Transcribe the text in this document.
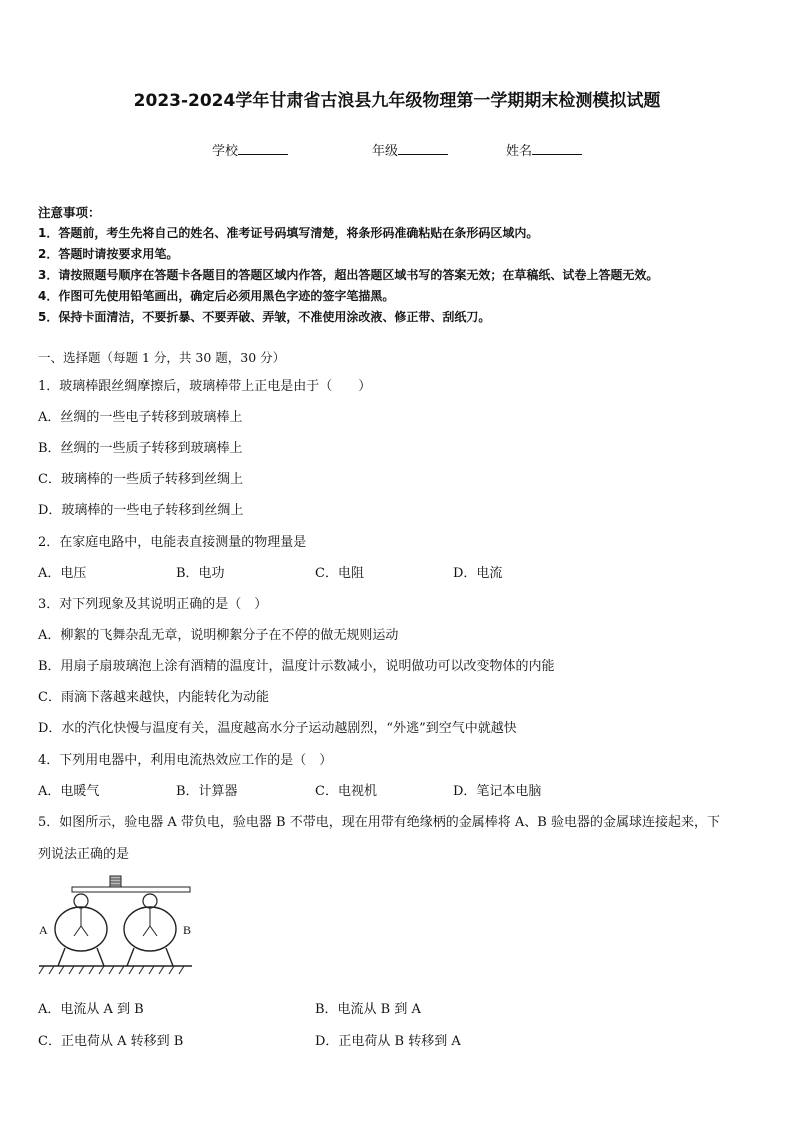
2023-2024学年甘肃省古浪县九年级物理第一学期期末检测模拟试题
学校	年级	姓名
注意事项：
1．答题前，考生先将自己的姓名、准考证号码填写清楚，将条形码准确粘贴在条形码区域内。
2．答题时请按要求用笔。
3．请按照题号顺序在答题卡各题目的答题区域内作答，超出答题区域书写的答案无效；在草稿纸、试卷上答题无效。
4．作图可先使用铅笔画出，确定后必须用黑色字迹的签字笔描黑。
5．保持卡面清洁，不要折暴、不要弄破、弄皱，不准使用涂改液、修正带、刮纸刀。
一、选择题（每题 1 分，共 30 题，30 分）
1．玻璃棒跟丝绸摩擦后，玻璃棒带上正电是由于（　　）
A．丝绸的一些电子转移到玻璃棒上
B．丝绸的一些质子转移到玻璃棒上
C．玻璃棒的一些质子转移到丝绸上
D．玻璃棒的一些电子转移到丝绸上
2．在家庭电路中，电能表直接测量的物理量是
A．电压	B．电功	C．电阻	D．电流
3．对下列现象及其说明正确的是（　）
A．柳絮的飞舞杂乱无章，说明柳絮分子在不停的做无规则运动
B．用扇子扇玻璃泡上涂有酒精的温度计，温度计示数减小，说明做功可以改变物体的内能
C．雨滴下落越来越快，内能转化为动能
D．水的汽化快慢与温度有关，温度越高水分子运动越剧烈，“外逃”到空气中就越快
4．下列用电器中，利用电流热效应工作的是（　）
A．电暖气	B．计算器	C．电视机	D．笔记本电脑
5．如图所示，验电器 A 带负电，验电器 B 不带电，现在用带有绝缘柄的金属棒将 A、B 验电器的金属球连接起来，下
列说法正确的是
A	B
A．电流从 A 到 B	B．电流从 B 到 A
C．正电荷从 A 转移到 B	D．正电荷从 B 转移到 A
